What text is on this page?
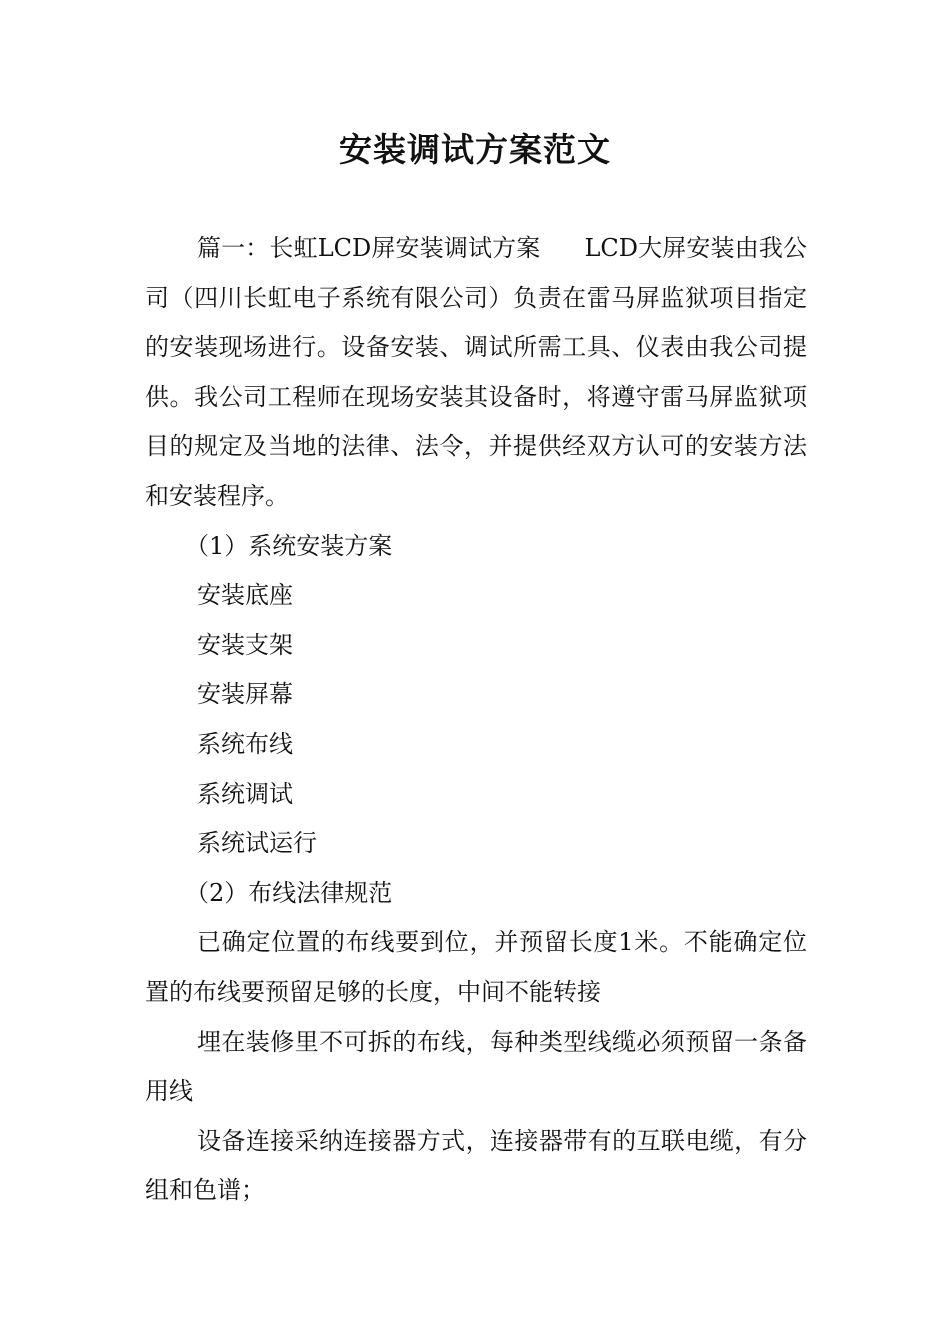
安装调试方案范文

篇一：长虹LCD屏安装调试方案 LCD大屏安装由我公司（四川长虹电子系统有限公司）负责在雷马屏监狱项目指定的安装现场进行。设备安装、调试所需工具、仪表由我公司提供。我公司工程师在现场安装其设备时，将遵守雷马屏监狱项目的规定及当地的法律、法令，并提供经双方认可的安装方法和安装程序。

（1）系统安装方案

安装底座

安装支架

安装屏幕

系统布线

系统调试

系统试运行

（2）布线法律规范

已确定位置的布线要到位，并预留长度1米。不能确定位置的布线要预留足够的长度，中间不能转接

埋在装修里不可拆的布线，每种类型线缆必须预留一条备用线

设备连接采纳连接器方式，连接器带有的互联电缆，有分组和色谱；
